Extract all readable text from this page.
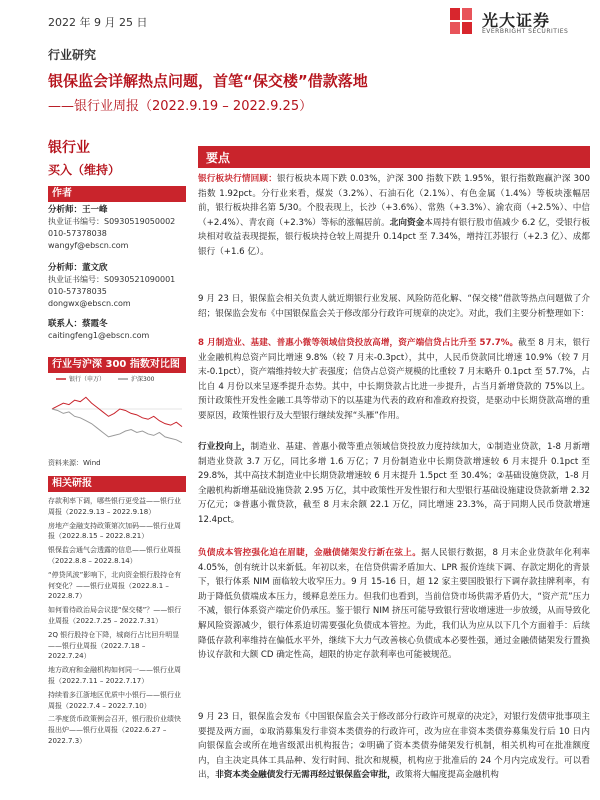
2022 年 9 月 25 日	光大证券
EVERBRIGHT SECURITIES
行业研究
银保监会详解热点问题，首笔“保交楼”借款落地
——银行业周报（2022.9.19 – 2022.9.25）
银行业
买入（维持）
作者
分析师：王一峰
执业证书编号：S0930519050002
010-57378038
wangyf@ebscn.com
分析师：董文欣
执业证书编号：S0930521090001
010-57378035
dongwx@ebscn.com
联系人：蔡霞冬
caitingfeng1@ebscn.com
行业与沪深 300 指数对比图
银行（申万）	沪深300
资料来源：Wind
相关研报
存款利率下调，哪些银行更受益——银行业周报（2022.9.13 – 2022.9.18）
房地产金融支持政策第次加码——银行业周报（2022.8.15 – 2022.8.21）
银保监会通气会透露的信息——银行业周报（2022.8.8 – 2022.8.14）
“停贷风波”影响下，北向资金银行股持仓有何变化？——银行业周报（2022.8.1 – 2022.8.7）
如何看待政治局会议提“保交楼”？——银行业周报（2022.7.25 – 2022.7.31）
2Q 银行股持仓下降，城商行占比回升明显——银行业周报（2022.7.18 – 2022.7.24）
地方政府和金融机构如何同一——银行业周报（2022.7.11 – 2022.7.17）
持续看多江浙地区优质中小银行——银行业周报（2022.7.4 – 2022.7.10）
二季度货币政策例会召开，银行股价业绩快报出炉——银行业周报（2022.6.27 – 2022.7.3）
要点
银行板块行情回顾：银行板块本周下跌 0.03%，沪深 300 指数下跌 1.95%，银行指数跑赢沪深 300 指数 1.92pct。分行业来看，煤炭（3.2%）、石油石化（2.1%）、有色金属（1.4%）等板块涨幅居前，银行板块排名第 5/30。个股表现上，长沙（+3.6%）、常熟（+3.3%）、渝农商（+2.5%）、中信（+2.4%）、青农商（+2.3%）等标的涨幅居前。北向资金本周持有银行股市值减少 6.2 亿，受银行板块相对收益表现提振，银行板块持仓较上周提升 0.14pct 至 7.34%，增持江苏银行（+2.3 亿）、成都银行（+1.6 亿）。
9 月 23 日，银保监会相关负责人就近期银行业发展、风险防范化解、“保交楼”借款等热点问题做了介绍；银保监会发布《中国银保监会关于修改部分行政许可规章的决定》。对此，我们主要分析整理如下：
8 月制造业、基建、普惠小微等领域信贷投放高增，资产端信贷占比升至 57.7%。截至 8 月末，银行业金融机构总资产同比增速 9.8%（较 7 月末-0.3pct），其中，人民币贷款同比增速 10.9%（较 7 月末-0.1pct），资产端维持较大扩表强度；信贷占总资产规模的比重较 7 月末略升 0.1pct 至 57.7%，占比自 4 月份以来呈逐季提升态势。其中，中长期贷款占比进一步提升，占当月新增贷款的 75%以上。预计政策性开发性金融工具等带动下的以基建为代表的政府和准政府投资，是驱动中长期贷款高增的重要原因，政策性银行及大型银行继续发挥“头雁”作用。
行业投向上，制造业、基建、普惠小微等重点领域信贷投放力度持续加大，①制造业贷款，1-8 月新增制造业贷款 3.7 万亿，同比多增 1.6 万亿；7 月份制造业中长期贷款增速较 6 月末提升 0.1pct 至 29.8%，其中高技术制造业中长期贷款增速较 6 月末提升 1.5pct 至 30.4%；②基础设施贷款，1-8 月全融机构新增基础设施贷款 2.95 万亿，其中政策性开发性银行和大型银行基础设施建设贷款新增 2.32 万亿元；③普惠小微贷款，截至 8 月末余额 22.1 万亿，同比增速 23.3%，高于同期人民币贷款增速 12.4pct。
负债成本管控强化迫在眉睫，金融债储架发行新在弦上。据人民银行数据，8 月末企业贷款年化利率 4.05%，创有统计以来新低。年初以来，在信贷供需矛盾加大、LPR 报价连续下调、存款定期化的背景下，银行体系 NIM 面临较大收窄压力。9 月 15-16 日，超 12 家主要国股银行下调存款挂牌利率，有助于降低负债端成本压力，缓释息差压力。但我们也看到，当前信贷市场供需矛盾仍大，“资产荒”压力不减，银行体系资产端定价仍承压。鉴于银行 NIM 挤压可能导致银行营收增速进一步放缓，从而导致化解风险资源减少，银行体系迫切需要强化负债成本管控。为此，我们认为应从以下几个方面着手：后续降低存款利率维持在偏低水平外，继续下大力气改善核心负债成本必要性强，通过金融债储架发行置换协议存款和大额 CD 确定性高，超限的协定存款利率也可能被规范。
9 月 23 日，银保监会发布《中国银保监会关于修改部分行政许可规章的决定》，对银行发债审批事项主要提及两方面，①取消募集发行非资本类债券的行政许可，改为应在非资本类债券募集发行后 10 日内向银保监会或所在地省级派出机构报告；②明确了资本类债券储架发行机制，相关机构可在批准额度内，自主决定具体工具品种、发行时间、批次和规模，机构应于批准后的 24 个月内完成发行。可以看出，非资本类金融债发行无需再经过银保监会审批，政策将大幅度提高金融机构
